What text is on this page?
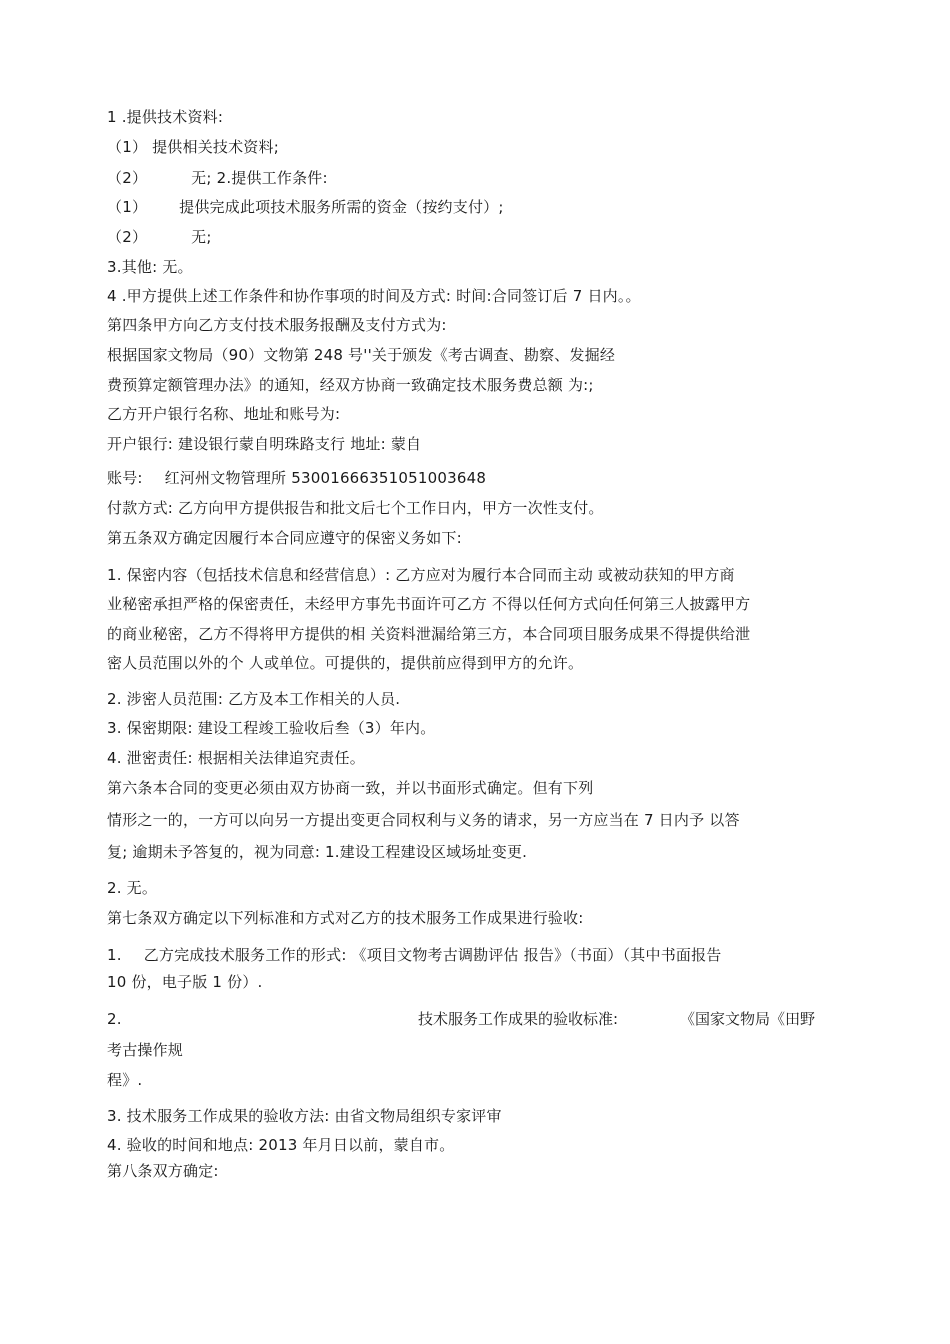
1 .提供技术资料:
（1） 提供相关技术资料;
（2）	无; 2.提供工作条件:
（1） 提供完成此项技术服务所需的资金（按约支付）;
（2）	无;
3.其他: 无。
4 .甲方提供上述工作条件和协作事项的时间及方式: 时间:合同签订后 7 日内。。
第四条甲方向乙方支付技术服务报酬及支付方式为:
根据国家文物局（90）文物第 248 号''关于颁发《考古调查、勘察、发掘经
费预算定额管理办法》的通知，经双方协商一致确定技术服务费总额 为:;
乙方开户银行名称、地址和账号为:
开户银行: 建设银行蒙自明珠路支行 地址: 蒙自
账号: 红河州文物管理所 53001666351051003648
付款方式: 乙方向甲方提供报告和批文后七个工作日内，甲方一次性支付。
第五条双方确定因履行本合同应遵守的保密义务如下:
1. 保密内容（包括技术信息和经营信息）: 乙方应对为履行本合同而主动 或被动获知的甲方商
业秘密承担严格的保密责任，未经甲方事先书面许可乙方 不得以任何方式向任何第三人披露甲方
的商业秘密，乙方不得将甲方提供的相 关资料泄漏给第三方，本合同项目服务成果不得提供给泄
密人员范围以外的个 人或单位。可提供的，提供前应得到甲方的允许。
2. 涉密人员范围: 乙方及本工作相关的人员.
3. 保密期限: 建设工程竣工验收后叁（3）年内。
4. 泄密责任: 根据相关法律追究责任。
第六条本合同的变更必须由双方协商一致，并以书面形式确定。但有下列
情形之一的，一方可以向另一方提出变更合同权利与义务的请求，另一方应当在 7 日内予 以答
复; 逾期未予答复的，视为同意: 1.建设工程建设区域场址变更.
2. 无。
第七条双方确定以下列标准和方式对乙方的技术服务工作成果进行验收:
1. 乙方完成技术服务工作的形式: 《项目文物考古调勘评估 报告》（书面）（其中书面报告
10 份，电子版 1 份）.
2.	技术服务工作成果的验收标准:	《国家文物局《田野
考古操作规
程》.
3. 技术服务工作成果的验收方法: 由省文物局组织专家评审
4. 验收的时间和地点: 2013 年月日以前，蒙自市。
第八条双方确定:
